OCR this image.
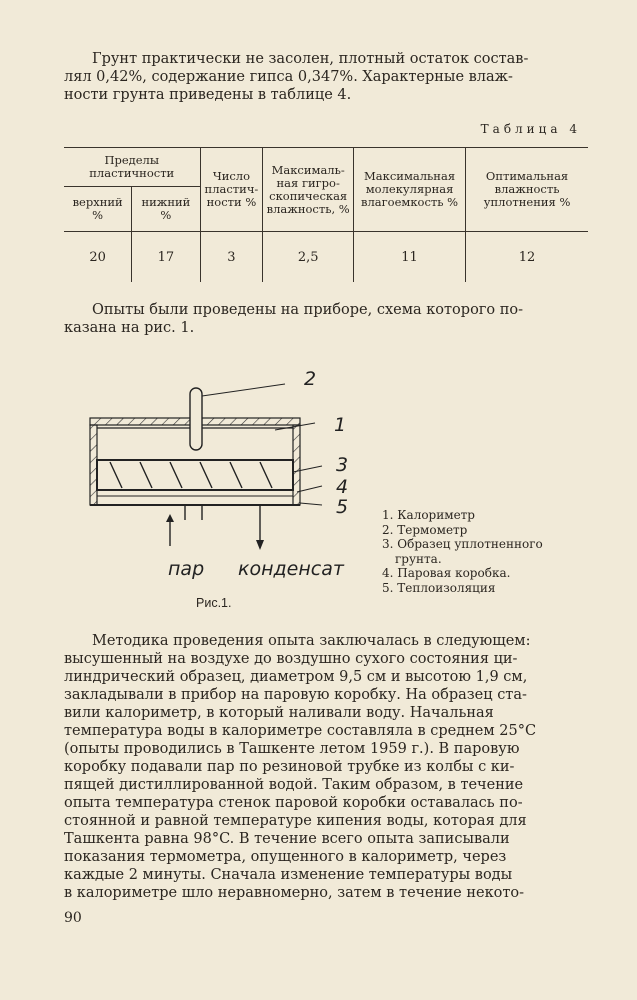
Грунт практически не засолен, плотный остаток состав-
лял 0,42%, содержание гипса 0,347%. Характерные влаж-
ности грунта приведены в таблице 4.

Таблица 4
Пределы пластичности		Число пластич-ности %	Максималь-ная гигро-скопическая влажность, %	Максимальная молекулярная влагоемкость %	Оптимальная влажность уплотнения %
верхний %	нижний %				
20	17	3	2,5	11	12

Опыты были проведены на приборе, схема которого по-
казана на рис. 1.

2
1
3
4
5
пар конденсат
1. Калориметр
2. Термометр
3. Образец уплотненного
грунта.
4. Паровая коробка.
5. Теплоизоляция
Рис.1.

Методика проведения опыта заключалась в следующем:
высушенный на воздухе до воздушно сухого состояния ци-
линдрический образец, диаметром 9,5 см и высотою 1,9 см,
закладывали в прибор на паровую коробку. На образец ста-
вили калориметр, в который наливали воду. Начальная
температура воды в калориметре составляла в среднем 25°C
(опыты проводились в Ташкенте летом 1959 г.). В паровую
коробку подавали пар по резиновой трубке из колбы с ки-
пящей дистиллированной водой. Таким образом, в течение
опыта температура стенок паровой коробки оставалась по-
стоянной и равной температуре кипения воды, которая для
Ташкента равна 98°C. В течение всего опыта записывали
показания термометра, опущенного в калориметр, через
каждые 2 минуты. Сначала изменение температуры воды
в калориметре шло неравномерно, затем в течение некото-

90
